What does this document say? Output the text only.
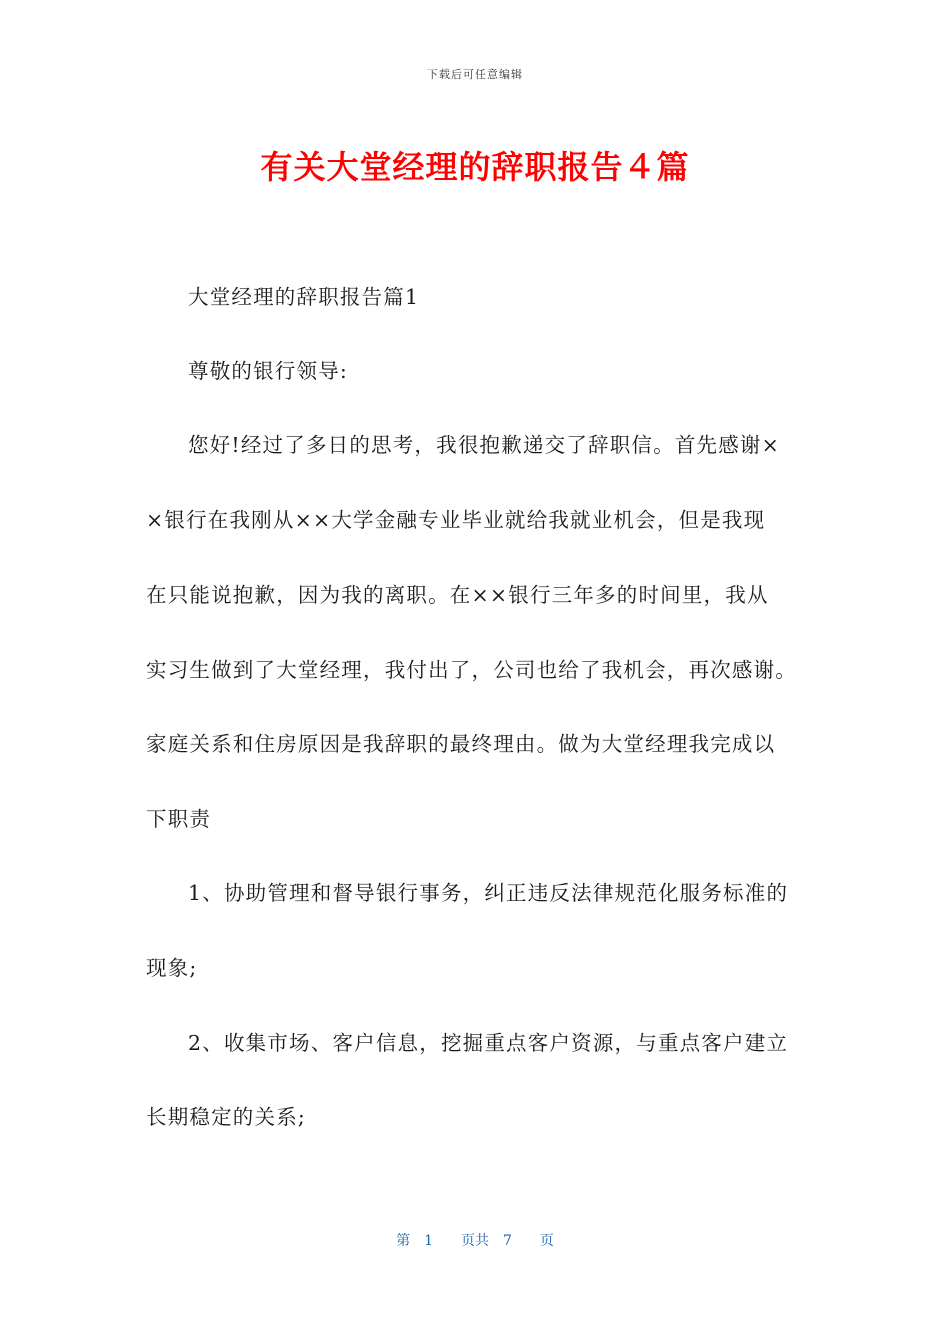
下载后可任意编辑
有关大堂经理的辞职报告４篇
大堂经理的辞职报告篇1
尊敬的银行领导:
您好!经过了多日的思考，我很抱歉递交了辞职信。首先感谢×
×银行在我刚从××大学金融专业毕业就给我就业机会，但是我现
在只能说抱歉，因为我的离职。在××银行三年多的时间里，我从
实习生做到了大堂经理，我付出了，公司也给了我机会，再次感谢。
家庭关系和住房原因是我辞职的最终理由。做为大堂经理我完成以
下职责
1、协助管理和督导银行事务，纠正违反法律规范化服务标准的
现象;
2、收集市场、客户信息，挖掘重点客户资源，与重点客户建立
长期稳定的关系;
第　1　　页共　7　　页
